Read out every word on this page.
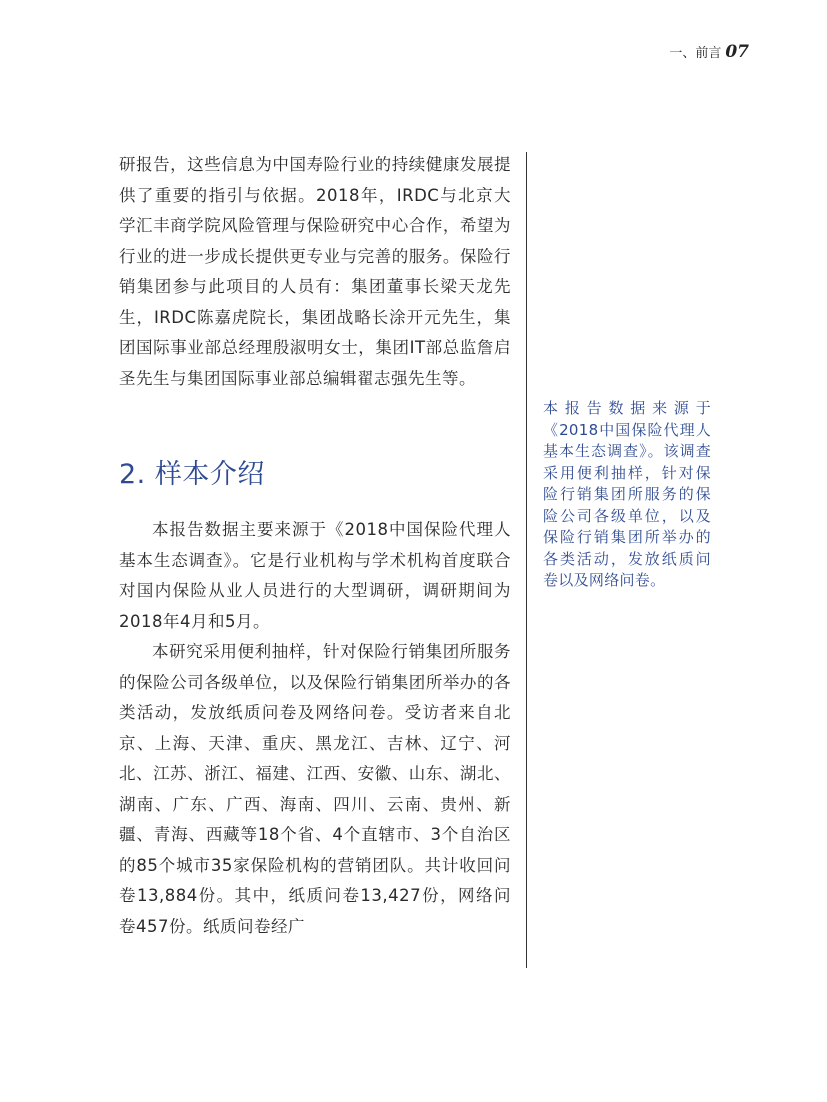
一、前言 07

研报告，这些信息为中国寿险行业的持续健康发展提供了重要的指引与依据。2018年，IRDC与北京大学汇丰商学院风险管理与保险研究中心合作，希望为行业的进一步成长提供更专业与完善的服务。保险行销集团参与此项目的人员有：集团董事长梁天龙先生，IRDC陈嘉虎院长，集团战略长涂开元先生，集团国际事业部总经理殷淑明女士，集团IT部总监詹启圣先生与集团国际事业部总编辑翟志强先生等。

2. 样本介绍

本报告数据主要来源于《2018中国保险代理人基本生态调查》。它是行业机构与学术机构首度联合对国内保险从业人员进行的大型调研，调研期间为2018年4月和5月。

本研究采用便利抽样，针对保险行销集团所服务的保险公司各级单位，以及保险行销集团所举办的各类活动，发放纸质问卷及网络问卷。受访者来自北京、上海、天津、重庆、黑龙江、吉林、辽宁、河北、江苏、浙江、福建、江西、安徽、山东、湖北、湖南、广东、广西、海南、四川、云南、贵州、新疆、青海、西藏等18个省、4个直辖市、3个自治区的85个城市35家保险机构的营销团队。共计收回问卷13,884份。其中，纸质问卷13,427份，网络问卷457份。纸质问卷经广

本报告数据来源于《2018中国保险代理人基本生态调查》。该调查采用便利抽样，针对保险行销集团所服务的保险公司各级单位，以及保险行销集团所举办的各类活动，发放纸质问卷以及网络问卷。
